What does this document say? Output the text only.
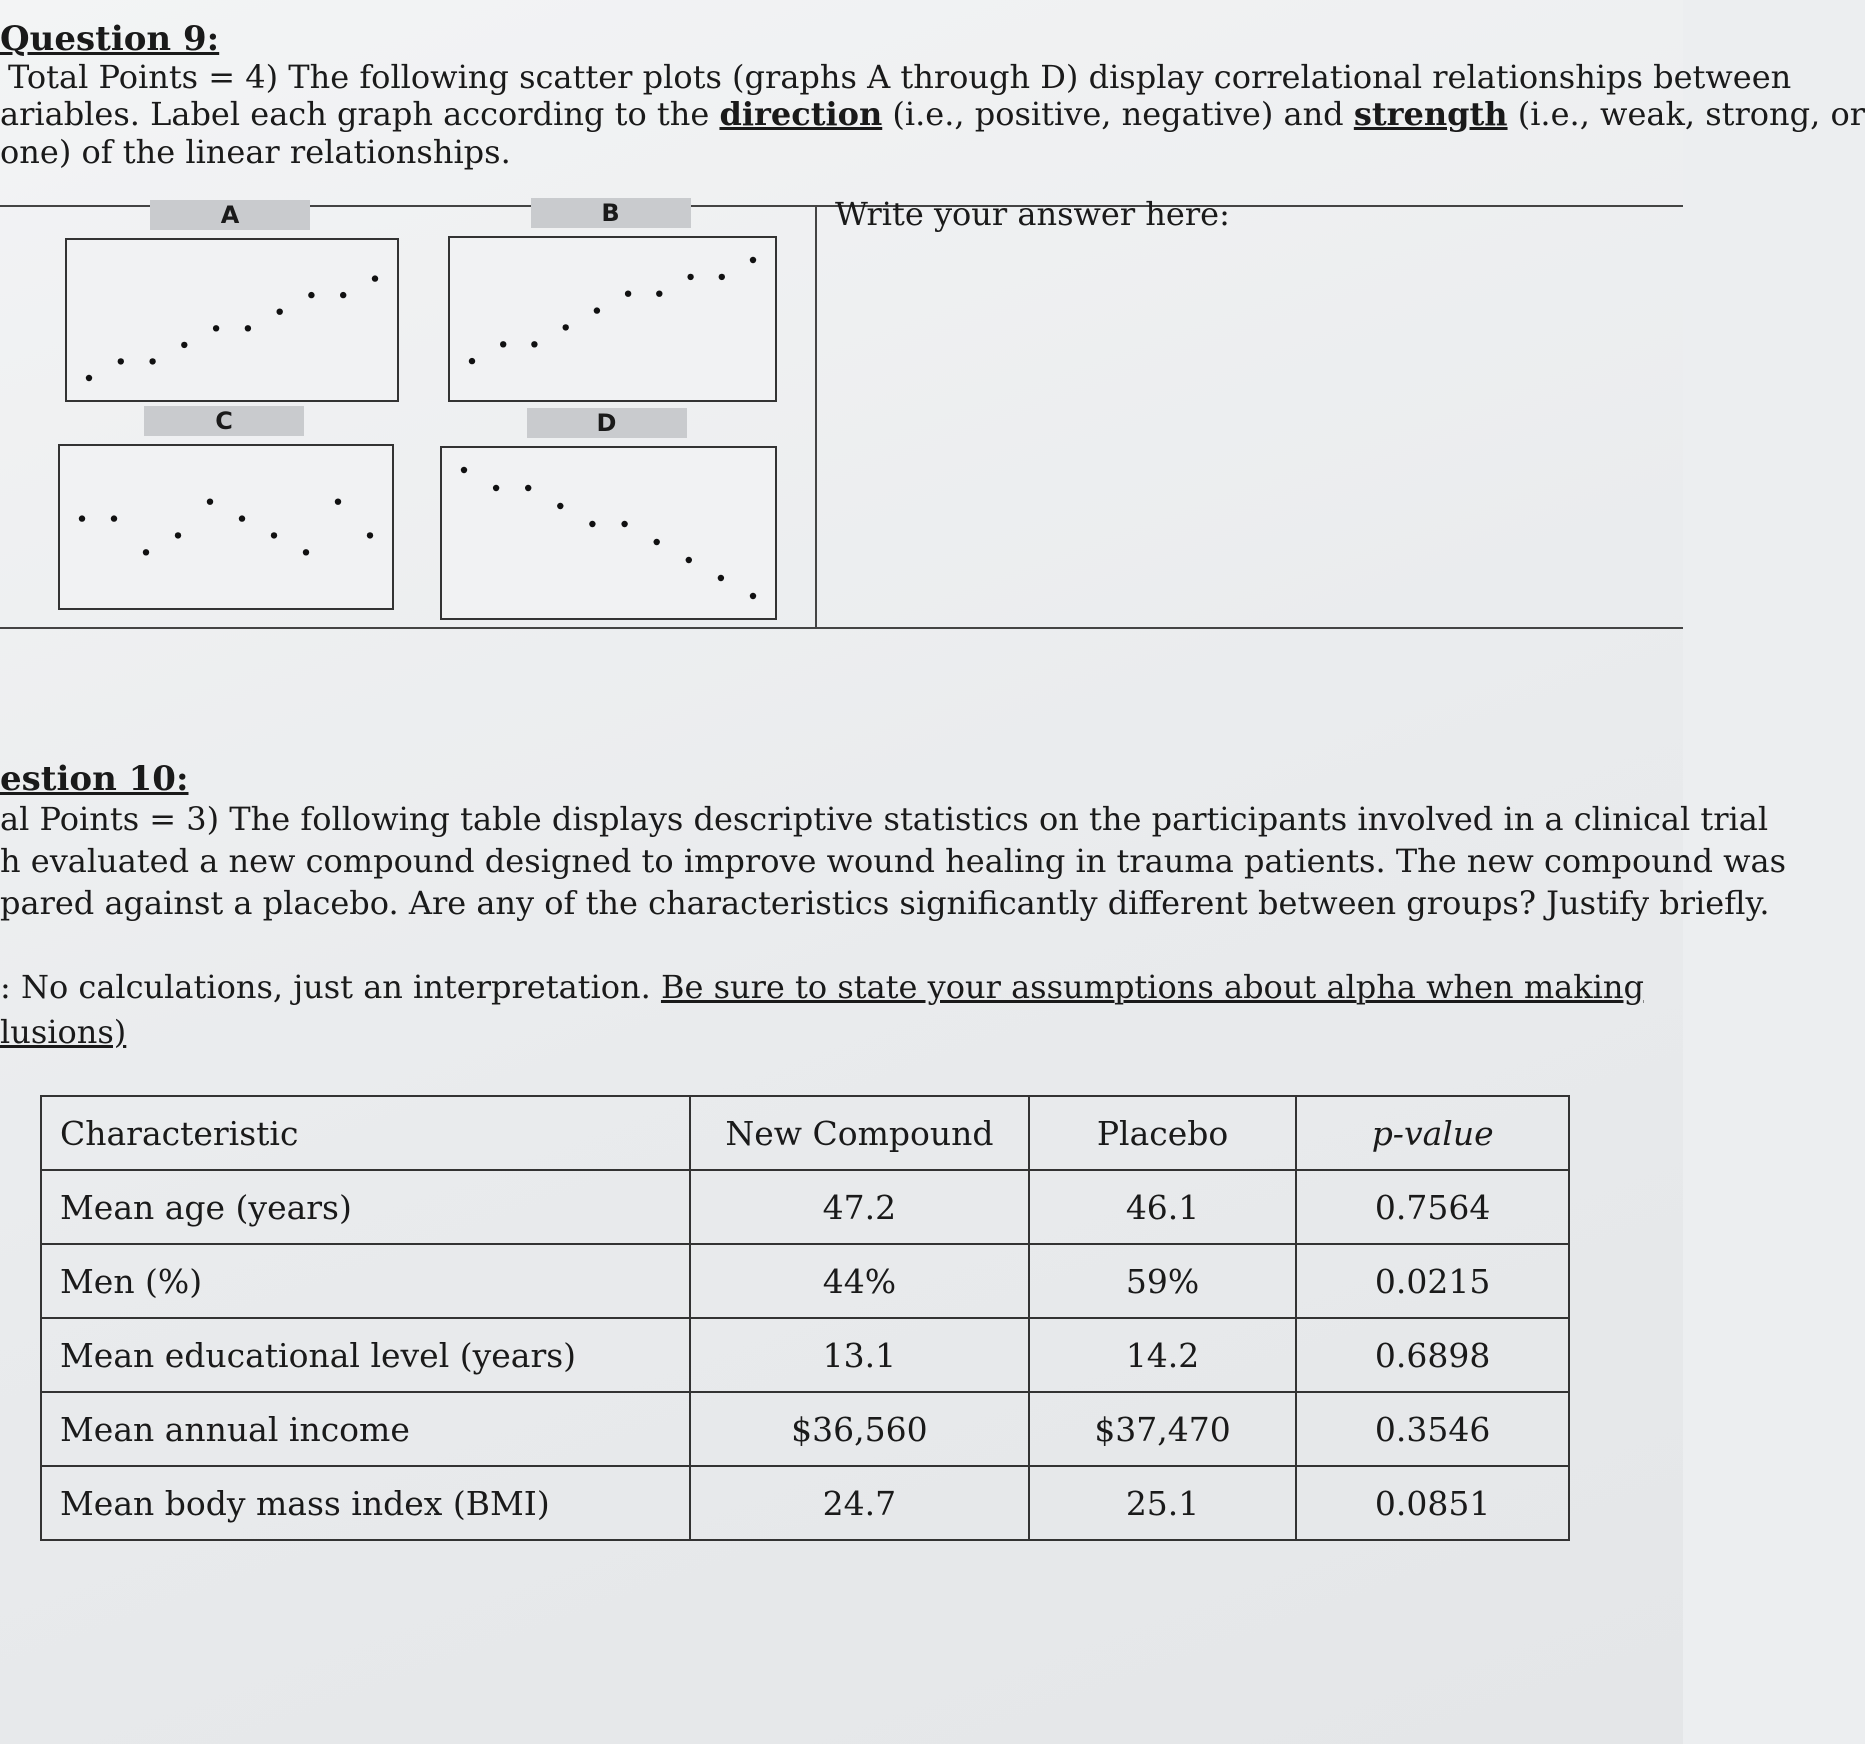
Question 9:
Total Points = 4) The following scatter plots (graphs A through D) display correlational relationships between
ariables. Label each graph according to the direction (i.e., positive, negative) and strength (i.e., weak, strong, or
one) of the linear relationships.
Write your answer here:
A	B
C	D
estion 10:
al Points = 3) The following table displays descriptive statistics on the participants involved in a clinical trial
h evaluated a new compound designed to improve wound healing in trauma patients. The new compound was
pared against a placebo. Are any of the characteristics significantly different between groups? Justify briefly.
: No calculations, just an interpretation. Be sure to state your assumptions about alpha when making
lusions)
Characteristic	New Compound	Placebo	p-value
Mean age (years)	47.2	46.1	0.7564
Men (%)	44%	59%	0.0215
Mean educational level (years)	13.1	14.2	0.6898
Mean annual income	$36,560	$37,470	0.3546
Mean body mass index (BMI)	24.7	25.1	0.0851
